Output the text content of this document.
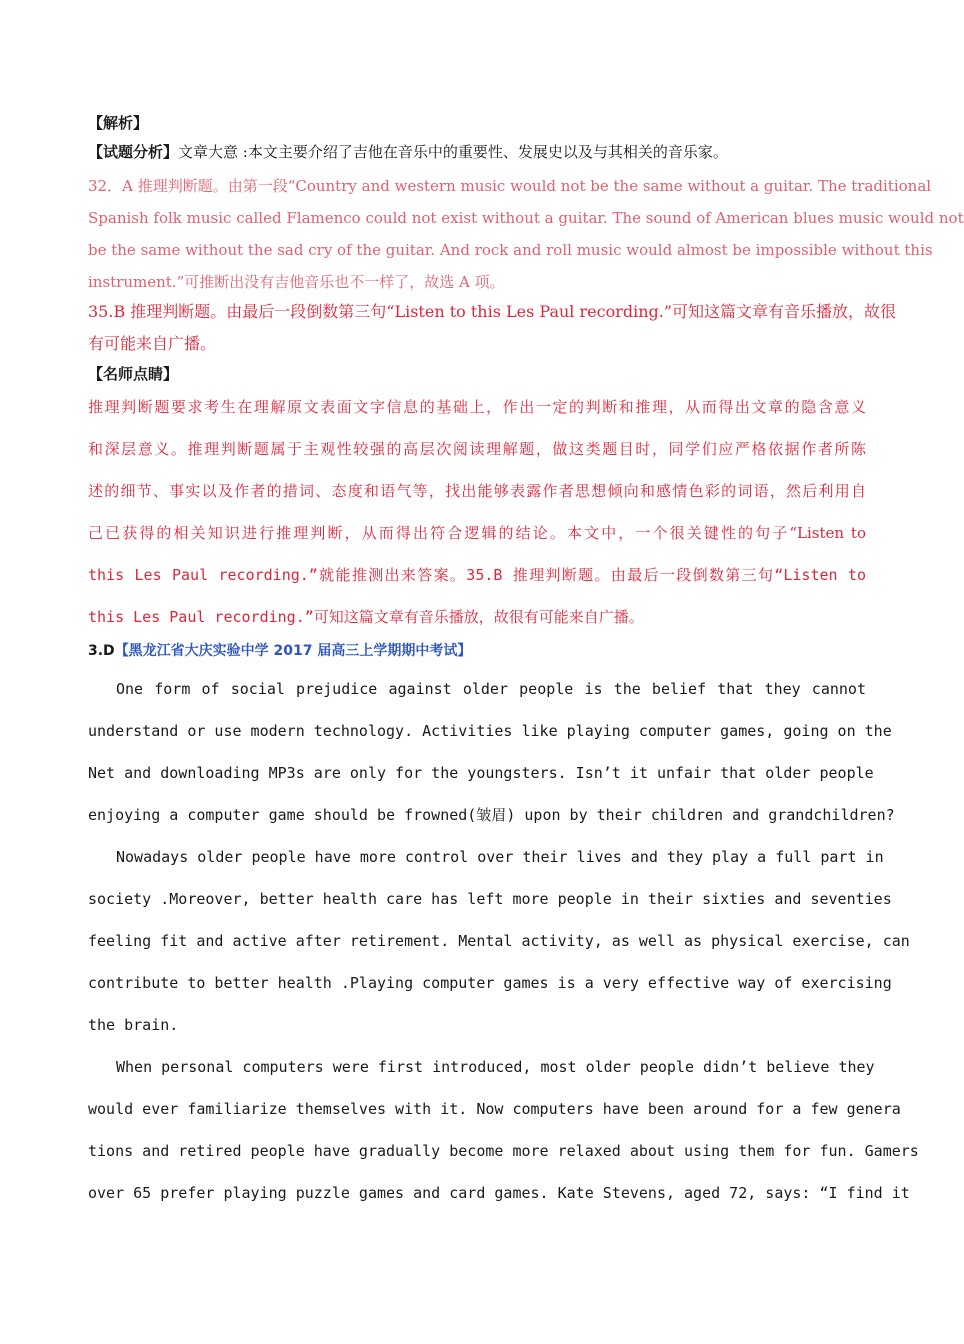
【解析】
【试题分析】文章大意 :本文主要介绍了吉他在音乐中的重要性、发展史以及与其相关的音乐家。
32．A 推理判断题。由第一段“Country and western music would not be the same without a guitar. The traditional
Spanish folk music called Flamenco could not exist without a guitar. The sound of American blues music would not
be the same without the sad cry of the guitar. And rock and roll music would almost be impossible without this
instrument.”可推断出没有吉他音乐也不一样了，故选 A 项。
35.B 推理判断题。由最后一段倒数第三句“Listen to this Les Paul recording.”可知这篇文章有音乐播放，故很
有可能来自广播。
【名师点睛】
推理判断题要求考生在理解原文表面文字信息的基础上，作出一定的判断和推理，从而得出文章的隐含意义
和深层意义。推理判断题属于主观性较强的高层次阅读理解题，做这类题目时，同学们应严格依据作者所陈
述的细节、事实以及作者的措词、态度和语气等，找出能够表露作者思想倾向和感情色彩的词语，然后利用自
己已获得的相关知识进行推理判断，从而得出符合逻辑的结论。本文中，一个很关键性的句子“Listen to
this Les Paul recording.”就能推测出来答案。35.B 推理判断题。由最后一段倒数第三句“Listen to
this Les Paul recording.”可知这篇文章有音乐播放，故很有可能来自广播。
3.D【黑龙江省大庆实验中学 2017 届高三上学期期中考试】
One form of social prejudice against older people is the belief that they cannot
understand or use modern technology. Activities like playing computer games, going on the
Net and downloading MP3s are only for the youngsters. Isn’t it unfair that older people
enjoying a computer game should be frowned(皱眉) upon by their children and grandchildren?
Nowadays older people have more control over their lives and they play a full part in
society .Moreover, better health care has left more people in their sixties and seventies
feeling fit and active after retirement. Mental activity, as well as physical exercise, can
contribute to better health .Playing computer games is a very effective way of exercising
the brain.
When personal computers were first introduced, most older people didn’t believe they
would ever familiarize themselves with it. Now computers have been around for a few genera
tions and retired people have gradually become more relaxed about using them for fun. Gamers
over 65 prefer playing puzzle games and card games. Kate Stevens, aged 72, says: “I find it
